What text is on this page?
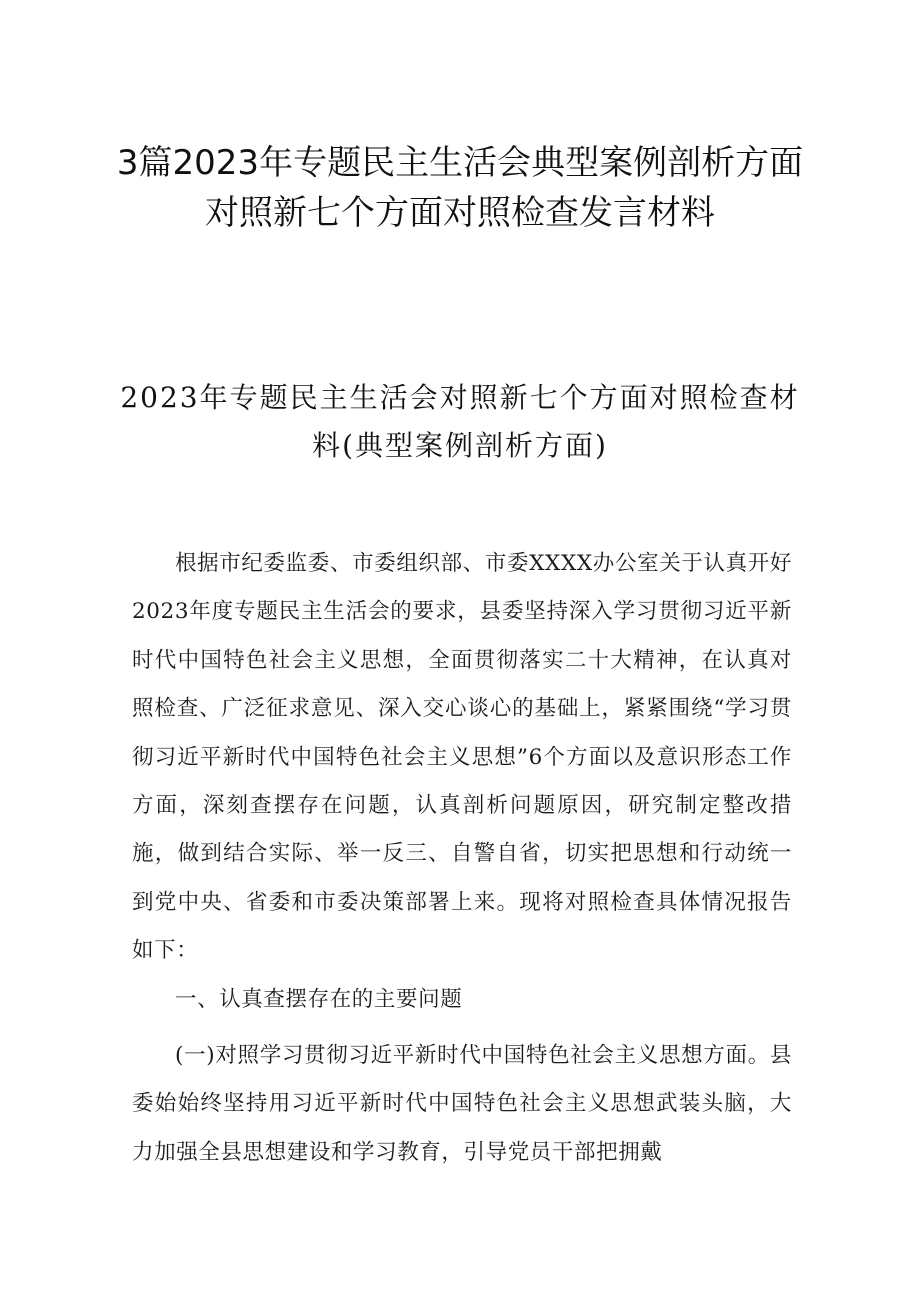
3篇2023年专题民主生活会典型案例剖析方面对照新七个方面对照检查发言材料
2023年专题民主生活会对照新七个方面对照检查材料(典型案例剖析方面)

根据市纪委监委、市委组织部、市委XXXX办公室关于认真开好2023年度专题民主生活会的要求，县委坚持深入学习贯彻习近平新时代中国特色社会主义思想，全面贯彻落实二十大精神，在认真对照检查、广泛征求意见、深入交心谈心的基础上，紧紧围绕“学习贯彻习近平新时代中国特色社会主义思想”6个方面以及意识形态工作方面，深刻查摆存在问题，认真剖析问题原因，研究制定整改措施，做到结合实际、举一反三、自警自省，切实把思想和行动统一到党中央、省委和市委决策部署上来。现将对照检查具体情况报告如下：

一、认真查摆存在的主要问题

(一)对照学习贯彻习近平新时代中国特色社会主义思想方面。县委始始终坚持用习近平新时代中国特色社会主义思想武装头脑，大力加强全县思想建设和学习教育，引导党员干部把拥戴
